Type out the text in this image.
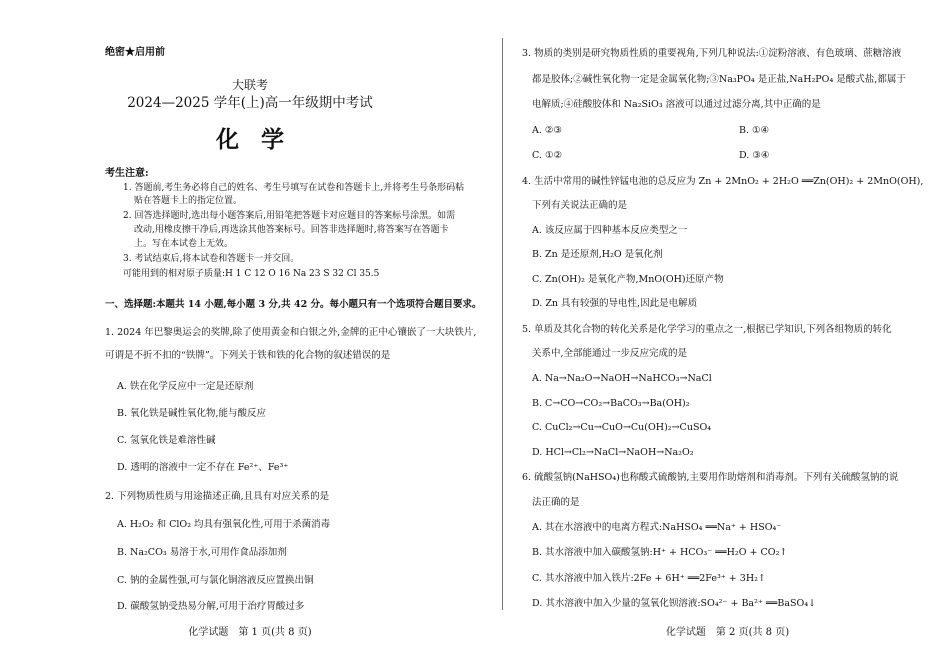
绝密★启用前
大联考
2024—2025 学年(上)高一年级期中考试
化学
考生注意:
1. 答题前,考生务必将自己的姓名、考生号填写在试卷和答题卡上,并将考生号条形码粘
贴在答题卡上的指定位置。
2. 回答选择题时,选出每小题答案后,用铅笔把答题卡对应题目的答案标号涂黑。如需
改动,用橡皮擦干净后,再选涂其他答案标号。回答非选择题时,将答案写在答题卡
上。写在本试卷上无效。
3. 考试结束后,将本试卷和答题卡一并交回。
可能用到的相对原子质量:H 1 C 12 O 16 Na 23 S 32 Cl 35.5
一、选择题:本题共 14 小题,每小题 3 分,共 42 分。每小题只有一个选项符合题目要求。
1. 2024 年巴黎奥运会的奖牌,除了使用黄金和白银之外,金牌的正中心镶嵌了一大块铁片,
可谓是不折不扣的“铁牌”。下列关于铁和铁的化合物的叙述错误的是
A. 铁在化学反应中一定是还原剂
B. 氧化铁是碱性氧化物,能与酸反应
C. 氢氧化铁是难溶性碱
D. 透明的溶液中一定不存在 Fe²⁺、Fe³⁺
2. 下列物质性质与用途描述正确,且具有对应关系的是
A. H₂O₂ 和 ClO₂ 均具有强氧化性,可用于杀菌消毒
B. Na₂CO₃ 易溶于水,可用作食品添加剂
C. 钠的金属性强,可与氯化铜溶液反应置换出铜
D. 碳酸氢钠受热易分解,可用于治疗胃酸过多
化学试题　第 1 页(共 8 页)
3. 物质的类别是研究物质性质的重要视角,下列几种说法:①淀粉溶液、有色玻璃、蔗糖溶液
都是胶体;②碱性氧化物一定是金属氧化物;③Na₃PO₄ 是正盐,NaH₂PO₄ 是酸式盐,都属于
电解质;④硅酸胶体和 Na₂SiO₃ 溶液可以通过过滤分离,其中正确的是
A. ②③	B. ①④
C. ①②	D. ③④
4. 生活中常用的碱性锌锰电池的总反应为 Zn + 2MnO₂ + 2H₂O ══Zn(OH)₂ + 2MnO(OH),
下列有关说法正确的是
A. 该反应属于四种基本反应类型之一
B. Zn 是还原剂,H₂O 是氧化剂
C. Zn(OH)₂ 是氧化产物,MnO(OH)还原产物
D. Zn 具有较强的导电性,因此是电解质
5. 单质及其化合物的转化关系是化学学习的重点之一,根据已学知识,下列各组物质的转化
关系中,全部能通过一步反应完成的是
A. Na→Na₂O→NaOH→NaHCO₃→NaCl
B. C→CO→CO₂→BaCO₃→Ba(OH)₂
C. CuCl₂→Cu→CuO→Cu(OH)₂→CuSO₄
D. HCl→Cl₂→NaCl→NaOH→Na₂O₂
6. 硫酸氢钠(NaHSO₄)也称酸式硫酸钠,主要用作助熔剂和消毒剂。下列有关硫酸氢钠的说
法正确的是
A. 其在水溶液中的电离方程式:NaHSO₄ ══Na⁺ + HSO₄⁻
B. 其水溶液中加入碳酸氢钠:H⁺ + HCO₃⁻ ══H₂O + CO₂↑
C. 其水溶液中加入铁片:2Fe + 6H⁺ ══2Fe³⁺ + 3H₂↑
D. 其水溶液中加入少量的氢氧化钡溶液:SO₄²⁻ + Ba²⁺ ══BaSO₄↓
化学试题　第 2 页(共 8 页)
